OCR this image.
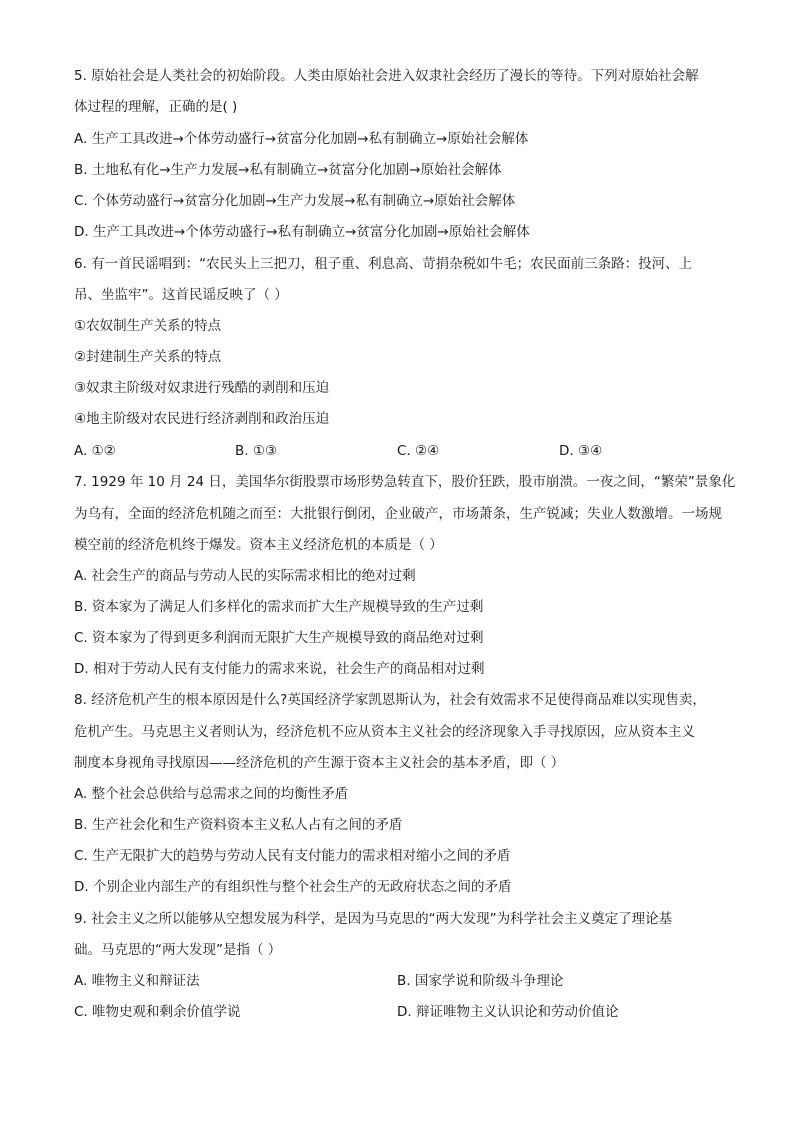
5. 原始社会是人类社会的初始阶段。人类由原始社会进入奴隶社会经历了漫长的等待。下列对原始社会解
体过程的理解，正确的是( )
A. 生产工具改进→个体劳动盛行→贫富分化加剧→私有制确立→原始社会解体
B. 土地私有化→生产力发展→私有制确立→贫富分化加剧→原始社会解体
C. 个体劳动盛行→贫富分化加剧→生产力发展→私有制确立→原始社会解体
D. 生产工具改进→个体劳动盛行→私有制确立→贫富分化加剧→原始社会解体
6. 有一首民谣唱到：“农民头上三把刀，租子重、利息高、苛捐杂税如牛毛；农民面前三条路：投河、上
吊、坐监牢”。这首民谣反映了（ ）
①农奴制生产关系的特点
②封建制生产关系的特点
③奴隶主阶级对奴隶进行残酷的剥削和压迫
④地主阶级对农民进行经济剥削和政治压迫
A. ①②	B. ①③	C. ②④	D. ③④
7. 1929 年 10 月 24 日，美国华尔街股票市场形势急转直下，股价狂跌，股市崩溃。一夜之间，“繁荣”景象化
为乌有，全面的经济危机随之而至：大批银行倒闭，企业破产，市场萧条，生产锐减；失业人数激增。一场规
模空前的经济危机终于爆发。资本主义经济危机的本质是（ ）
A. 社会生产的商品与劳动人民的实际需求相比的绝对过剩
B. 资本家为了满足人们多样化的需求而扩大生产规模导致的生产过剩
C. 资本家为了得到更多利润而无限扩大生产规模导致的商品绝对过剩
D. 相对于劳动人民有支付能力的需求来说，社会生产的商品相对过剩
8. 经济危机产生的根本原因是什么?英国经济学家凯恩斯认为，社会有效需求不足使得商品难以实现售卖，
危机产生。马克思主义者则认为，经济危机不应从资本主义社会的经济现象入手寻找原因，应从资本主义
制度本身视角寻找原因——经济危机的产生源于资本主义社会的基本矛盾，即（ ）
A. 整个社会总供给与总需求之间的均衡性矛盾
B. 生产社会化和生产资料资本主义私人占有之间的矛盾
C. 生产无限扩大的趋势与劳动人民有支付能力的需求相对缩小之间的矛盾
D. 个别企业内部生产的有组织性与整个社会生产的无政府状态之间的矛盾
9. 社会主义之所以能够从空想发展为科学，是因为马克思的“两大发现”为科学社会主义奠定了理论基
础。马克思的“两大发现”是指（ ）
A. 唯物主义和辩证法	B. 国家学说和阶级斗争理论
C. 唯物史观和剩余价值学说	D. 辩证唯物主义认识论和劳动价值论
